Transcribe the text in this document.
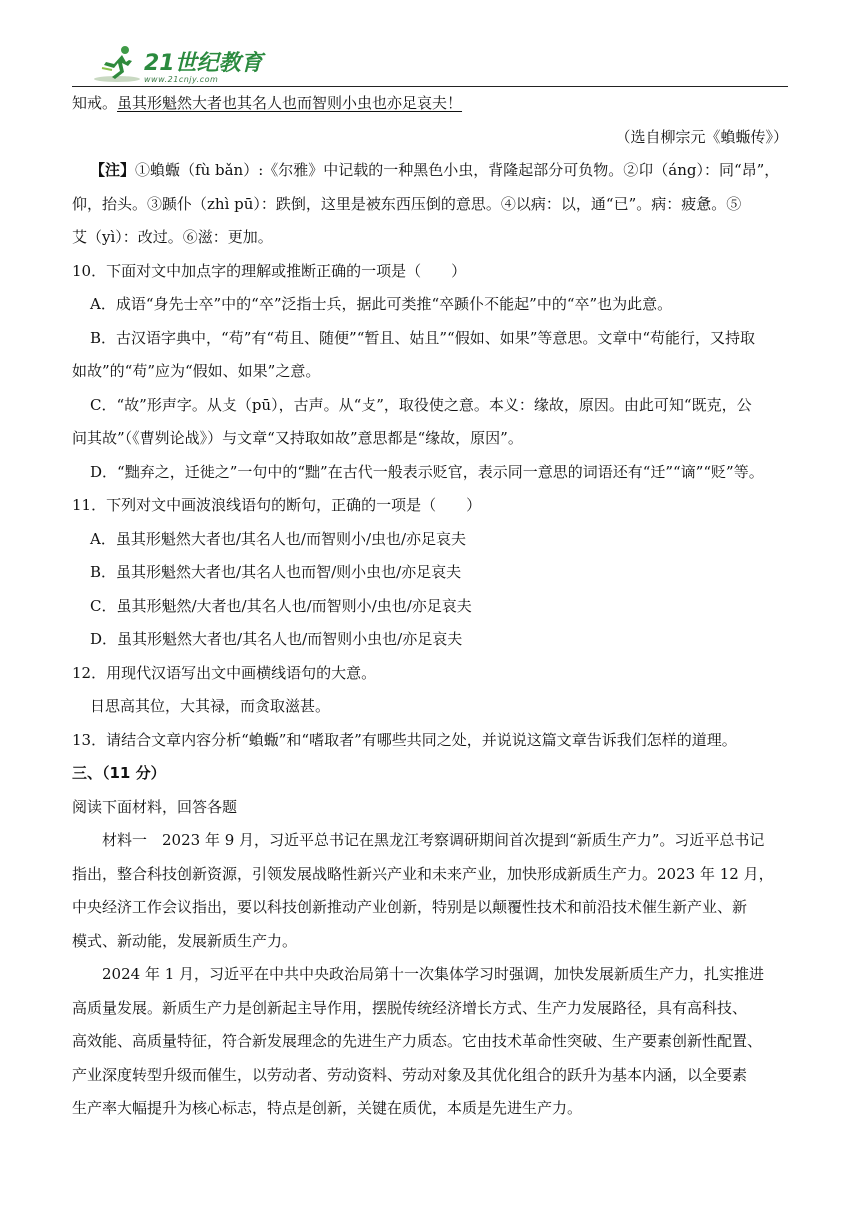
21世纪教育
www.21cnjy.com

知戒。虽其形魁然大者也其名人也而智则小虫也亦足哀夫！

（选自柳宗元《蝜蝂传》）

【注】①蝜蝂（fù bǎn）:《尔雅》中记载的一种黑色小虫，背隆起部分可负物。②卬（áng）：同“昂”，

仰，抬头。③踬仆（zhì pū）：跌倒，这里是被东西压倒的意思。④以病：以，通“已”。病：疲惫。⑤

艾（yì）：改过。⑥滋：更加。

10．下面对文中加点字的理解或推断正确的一项是（　　）

A．成语“身先士卒”中的“卒”泛指士兵，据此可类推“卒踬仆不能起”中的“卒”也为此意。

B．古汉语字典中，“苟”有“苟且、随便”“暂且、姑且”“假如、如果”等意思。文章中“苟能行，又持取

如故”的“苟”应为“假如、如果”之意。

C．“故”形声字。从攴（pū），古声。从“攴”，取役使之意。本义：缘故，原因。由此可知“既克，公

问其故”（《曹刿论战》）与文章“又持取如故”意思都是“缘故，原因”。

D．“黜弃之，迁徙之”一句中的“黜”在古代一般表示贬官，表示同一意思的词语还有“迁”“谪”“贬”等。

11．下列对文中画波浪线语句的断句，正确的一项是（　　）

A．虽其形魁然大者也/其名人也/而智则小/虫也/亦足哀夫

B．虽其形魁然大者也/其名人也而智/则小虫也/亦足哀夫

C．虽其形魁然/大者也/其名人也/而智则小/虫也/亦足哀夫

D．虽其形魁然大者也/其名人也/而智则小虫也/亦足哀夫

12．用现代汉语写出文中画横线语句的大意。

日思高其位，大其禄，而贪取滋甚。

13．请结合文章内容分析“蝜蝂”和“嗜取者”有哪些共同之处，并说说这篇文章告诉我们怎样的道理。

三、（11 分）

阅读下面材料，回答各题

材料一　2023 年 9 月，习近平总书记在黑龙江考察调研期间首次提到“新质生产力”。习近平总书记

指出，整合科技创新资源，引领发展战略性新兴产业和未来产业，加快形成新质生产力。2023 年 12 月，

中央经济工作会议指出，要以科技创新推动产业创新，特别是以颠覆性技术和前沿技术催生新产业、新

模式、新动能，发展新质生产力。

2024 年 1 月，习近平在中共中央政治局第十一次集体学习时强调，加快发展新质生产力，扎实推进

高质量发展。新质生产力是创新起主导作用，摆脱传统经济增长方式、生产力发展路径，具有高科技、

高效能、高质量特征，符合新发展理念的先进生产力质态。它由技术革命性突破、生产要素创新性配置、

产业深度转型升级而催生，以劳动者、劳动资料、劳动对象及其优化组合的跃升为基本内涵，以全要素

生产率大幅提升为核心标志，特点是创新，关键在质优，本质是先进生产力。
